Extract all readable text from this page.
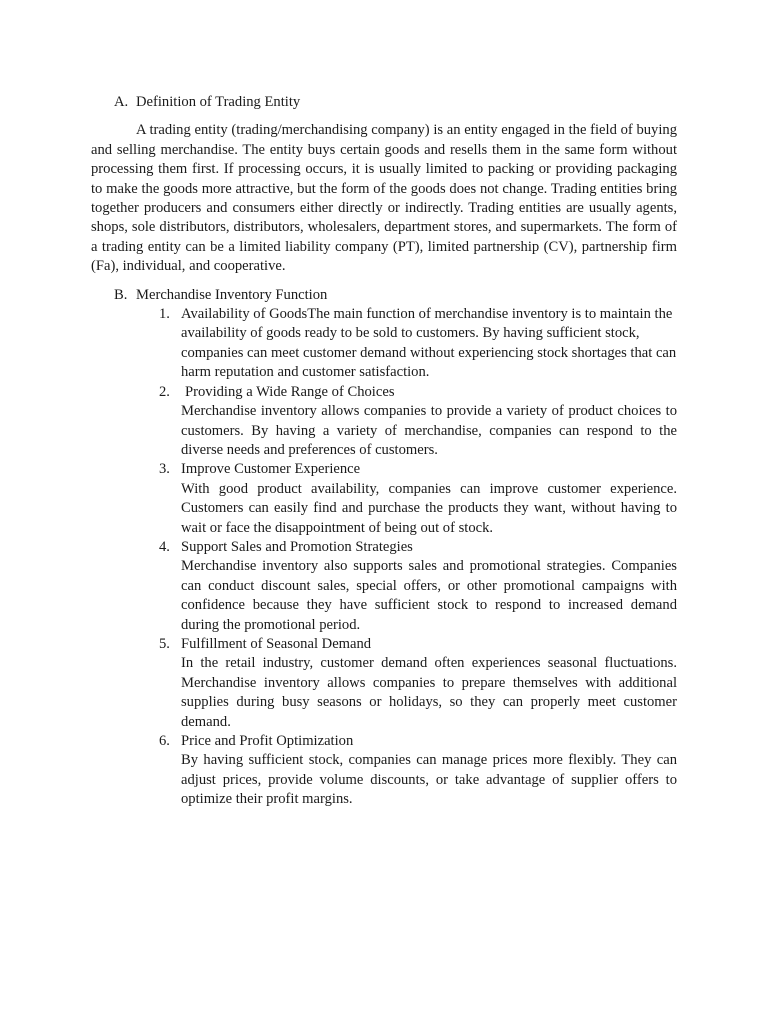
A. Definition of Trading Entity

A trading entity (trading/merchandising company) is an entity engaged in the field of buying and selling merchandise. The entity buys certain goods and resells them in the same form without processing them first. If processing occurs, it is usually limited to packing or providing packaging to make the goods more attractive, but the form of the goods does not change. Trading entities bring together producers and consumers either directly or indirectly. Trading entities are usually agents, shops, sole distributors, distributors, wholesalers, department stores, and supermarkets. The form of a trading entity can be a limited liability company (PT), limited partnership (CV), partnership firm (Fa), individual, and cooperative.

B. Merchandise Inventory Function

1. Availability of GoodsThe main function of merchandise inventory is to maintain the availability of goods ready to be sold to customers. By having sufficient stock, companies can meet customer demand without experiencing stock shortages that can harm reputation and customer satisfaction.
2. Providing a Wide Range of Choices
Merchandise inventory allows companies to provide a variety of product choices to customers. By having a variety of merchandise, companies can respond to the diverse needs and preferences of customers.
3. Improve Customer Experience
With good product availability, companies can improve customer experience. Customers can easily find and purchase the products they want, without having to wait or face the disappointment of being out of stock.
4. Support Sales and Promotion Strategies
Merchandise inventory also supports sales and promotional strategies. Companies can conduct discount sales, special offers, or other promotional campaigns with confidence because they have sufficient stock to respond to increased demand during the promotional period.
5. Fulfillment of Seasonal Demand
In the retail industry, customer demand often experiences seasonal fluctuations. Merchandise inventory allows companies to prepare themselves with additional supplies during busy seasons or holidays, so they can properly meet customer demand.
6. Price and Profit Optimization
By having sufficient stock, companies can manage prices more flexibly. They can adjust prices, provide volume discounts, or take advantage of supplier offers to optimize their profit margins.
